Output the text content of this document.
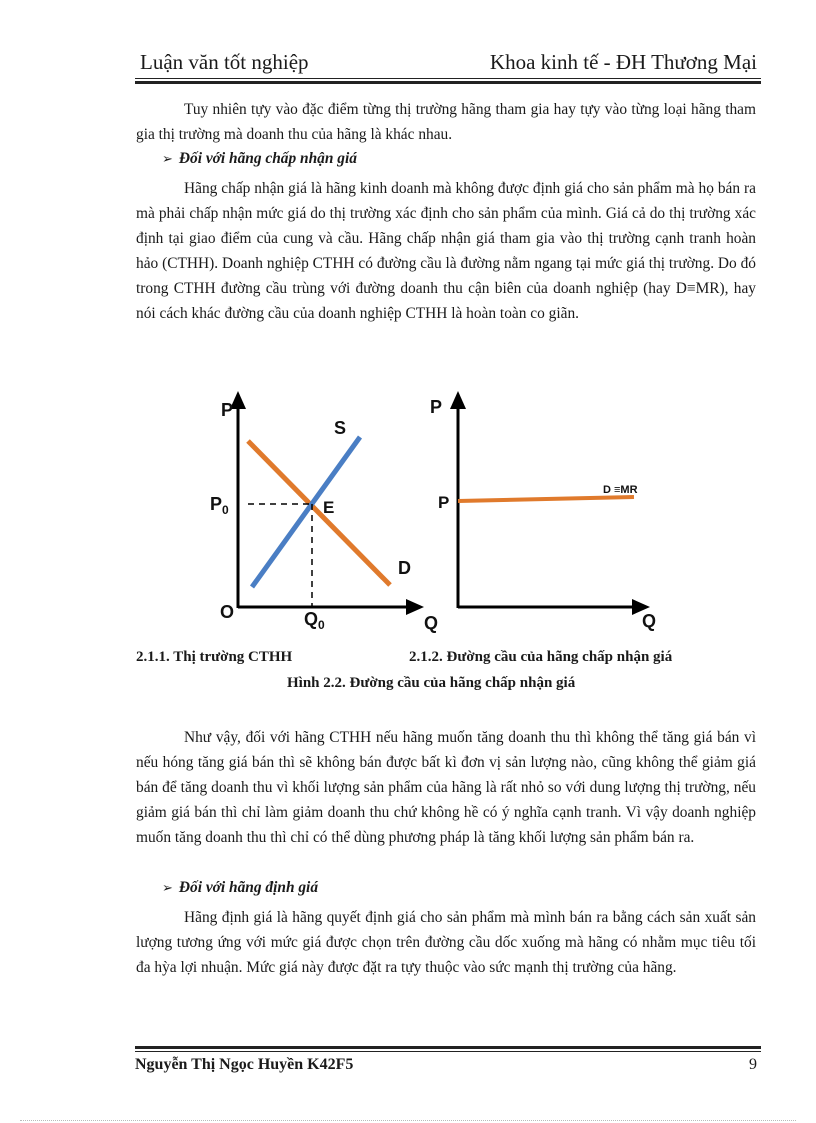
Luận văn tốt nghiệp	Khoa kinh tế - ĐH Thương Mại

Tuy nhiên tựy vào đặc điểm từng thị trường hãng tham gia hay tựy vào từng loại hãng tham gia thị trường mà doanh thu của hãng là khác nhau.

➢ Đối với hãng chấp nhận giá

Hãng chấp nhận giá là hãng kinh doanh mà không được định giá cho sản phẩm mà họ bán ra mà phải chấp nhận mức giá do thị trường xác định cho sản phẩm của mình. Giá cả do thị trường xác định tại giao điểm của cung và cầu. Hãng chấp nhận giá tham gia vào thị trường cạnh tranh hoàn hảo (CTHH). Doanh nghiệp CTHH có đường cầu là đường nằm ngang tại mức giá thị trường. Do đó trong CTHH đường cầu trùng với đường doanh thu cận biên của doanh nghiệp (hay D≡MR), hay nói cách khác đường cầu của doanh nghiệp CTHH là hoàn toàn co giãn.

P
S
$P_0$	E
D
O	$Q_0$	Q
P
P
D ≡MR
Q
2.1.1. Thị trường CTHH	2.1.2. Đường cầu của hãng chấp nhận giá
Hình 2.2. Đường cầu của hãng chấp nhận giá

Như vậy, đối với hãng CTHH nếu hãng muốn tăng doanh thu thì không thể tăng giá bán vì nếu hóng tăng giá bán thì sẽ không bán được bất kì đơn vị sản lượng nào, cũng không thể giảm giá bán để tăng doanh thu vì khối lượng sản phẩm của hãng là rất nhỏ so với dung lượng thị trường, nếu giảm giá bán thì chỉ làm giảm doanh thu chứ không hề có ý nghĩa cạnh tranh. Vì vậy doanh nghiệp muốn tăng doanh thu thì chỉ có thể dùng phương pháp là tăng khối lượng sản phẩm bán ra.

➢ Đối với hãng định giá

Hãng định giá là hãng quyết định giá cho sản phẩm mà mình bán ra bằng cách sản xuất sản lượng tương ứng với mức giá được chọn trên đường cầu dốc xuống mà hãng có nhằm mục tiêu tối đa hỳa lợi nhuận. Mức giá này được đặt ra tựy thuộc vào sức mạnh thị trường của hãng.

Nguyễn Thị Ngọc Huyền K42F5	9
